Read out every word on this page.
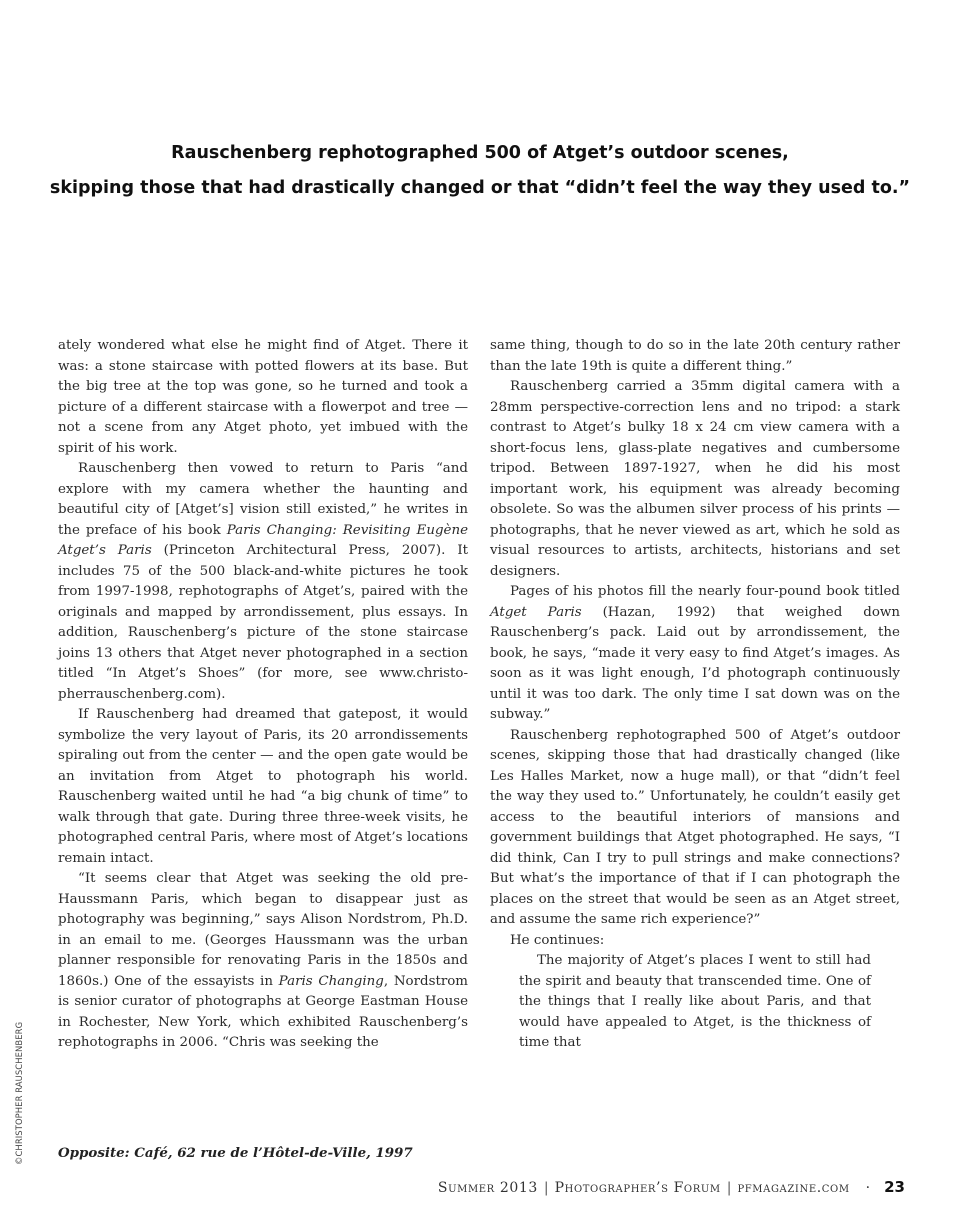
Rauschenberg rephotographed 500 of Atget’s outdoor scenes,
skipping those that had drastically changed or that “didn’t feel the way they used to.”

ately wondered what else he might find of Atget. There it was: a stone staircase with potted flowers at its base. But the big tree at the top was gone, so he turned and took a picture of a different staircase with a flowerpot and tree — not a scene from any Atget photo, yet imbued with the spirit of his work.

Rauschenberg then vowed to return to Paris “and explore with my camera whether the haunting and beautiful city of [Atget’s] vision still existed,” he writes in the preface of his book Paris Changing: Revisiting Eugène Atget’s Paris (Princeton Architectural Press, 2007). It includes 75 of the 500 black-and-white pictures he took from 1997-1998, rephotographs of Atget’s, paired with the originals and mapped by arrondissement, plus essays. In addition, Rauschenberg’s picture of the stone staircase joins 13 others that Atget never photographed in a section titled “In Atget’s Shoes” (for more, see www.christopherrauschenberg.com).

If Rauschenberg had dreamed that gatepost, it would symbolize the very layout of Paris, its 20 arrondissements spiraling out from the center — and the open gate would be an invitation from Atget to photograph his world. Rauschenberg waited until he had “a big chunk of time” to walk through that gate. During three three-week visits, he photographed central Paris, where most of Atget’s locations remain intact.

“It seems clear that Atget was seeking the old pre-Haussmann Paris, which began to disappear just as photography was beginning,” says Alison Nordstrom, Ph.D. in an email to me. (Georges Haussmann was the urban planner responsible for renovating Paris in the 1850s and 1860s.) One of the essayists in Paris Changing, Nordstrom is senior curator of photographs at George Eastman House in Rochester, New York, which exhibited Rauschenberg’s rephotographs in 2006. “Chris was seeking the

same thing, though to do so in the late 20th century rather than the late 19th is quite a different thing.”

Rauschenberg carried a 35mm digital camera with a 28mm perspective-correction lens and no tripod: a stark contrast to Atget’s bulky 18 x 24 cm view camera with a short-focus lens, glass-plate negatives and cumbersome tripod. Between 1897-1927, when he did his most important work, his equipment was already becoming obsolete. So was the albumen silver process of his prints — photographs, that he never viewed as art, which he sold as visual resources to artists, architects, historians and set designers.

Pages of his photos fill the nearly four-pound book titled Atget Paris (Hazan, 1992) that weighed down Rauschenberg’s pack. Laid out by arrondissement, the book, he says, “made it very easy to find Atget’s images. As soon as it was light enough, I’d photograph continuously until it was too dark. The only time I sat down was on the subway.”

Rauschenberg rephotographed 500 of Atget’s outdoor scenes, skipping those that had drastically changed (like Les Halles Market, now a huge mall), or that “didn’t feel the way they used to.” Unfortunately, he couldn’t easily get access to the beautiful interiors of mansions and government buildings that Atget photographed. He says, “I did think, Can I try to pull strings and make connections? But what’s the importance of that if I can photograph the places on the street that would be seen as an Atget street, and assume the same rich experience?”

He continues:

The majority of Atget’s places I went to still had the spirit and beauty that transcended time. One of the things that I really like about Paris, and that would have appealed to Atget, is the thickness of time that

©CHRISTOPHER RAUSCHENBERG	Opposite: Café, 62 rue de l’Hôtel-de-Ville, 1997
Summer 2013 | Photographer’s Forum | pfmagazine.com · 23
